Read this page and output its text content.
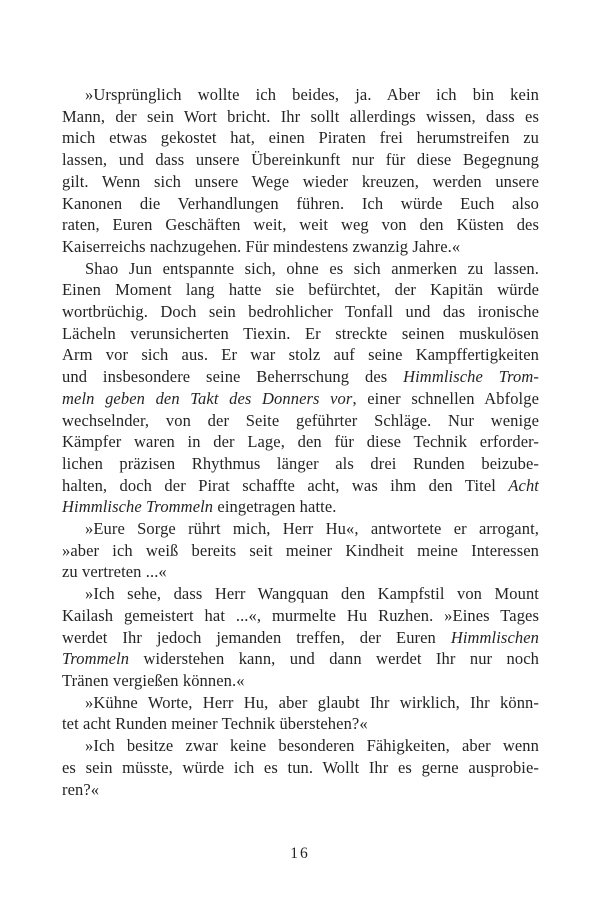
»Ursprünglich wollte ich beides, ja. Aber ich bin kein
Mann, der sein Wort bricht. Ihr sollt allerdings wissen, dass es
mich etwas gekostet hat, einen Piraten frei herumstreifen zu
lassen, und dass unsere Übereinkunft nur für diese Begegnung
gilt. Wenn sich unsere Wege wieder kreuzen, werden unsere
Kanonen die Verhandlungen führen. Ich würde Euch also
raten, Euren Geschäften weit, weit weg von den Küsten des
Kaiserreichs nachzugehen. Für mindestens zwanzig Jahre.«
Shao Jun entspannte sich, ohne es sich anmerken zu lassen.
Einen Moment lang hatte sie befürchtet, der Kapitän würde
wortbrüchig. Doch sein bedrohlicher Tonfall und das ironische
Lächeln verunsicherten Tiexin. Er streckte seinen muskulösen
Arm vor sich aus. Er war stolz auf seine Kampffertigkeiten
und insbesondere seine Beherrschung des Himmlische Trom-
meln geben den Takt des Donners vor, einer schnellen Abfolge
wechselnder, von der Seite geführter Schläge. Nur wenige
Kämpfer waren in der Lage, den für diese Technik erforder-
lichen präzisen Rhythmus länger als drei Runden beizube-
halten, doch der Pirat schaffte acht, was ihm den Titel Acht
Himmlische Trommeln eingetragen hatte.
»Eure Sorge rührt mich, Herr Hu«, antwortete er arrogant,
»aber ich weiß bereits seit meiner Kindheit meine Interessen
zu vertreten ...«
»Ich sehe, dass Herr Wangquan den Kampfstil von Mount
Kailash gemeistert hat ...«, murmelte Hu Ruzhen. »Eines Tages
werdet Ihr jedoch jemanden treffen, der Euren Himmlischen
Trommeln widerstehen kann, und dann werdet Ihr nur noch
Tränen vergießen können.«
»Kühne Worte, Herr Hu, aber glaubt Ihr wirklich, Ihr könn-
tet acht Runden meiner Technik überstehen?«
»Ich besitze zwar keine besonderen Fähigkeiten, aber wenn
es sein müsste, würde ich es tun. Wollt Ihr es gerne ausprobie-
ren?«
16
